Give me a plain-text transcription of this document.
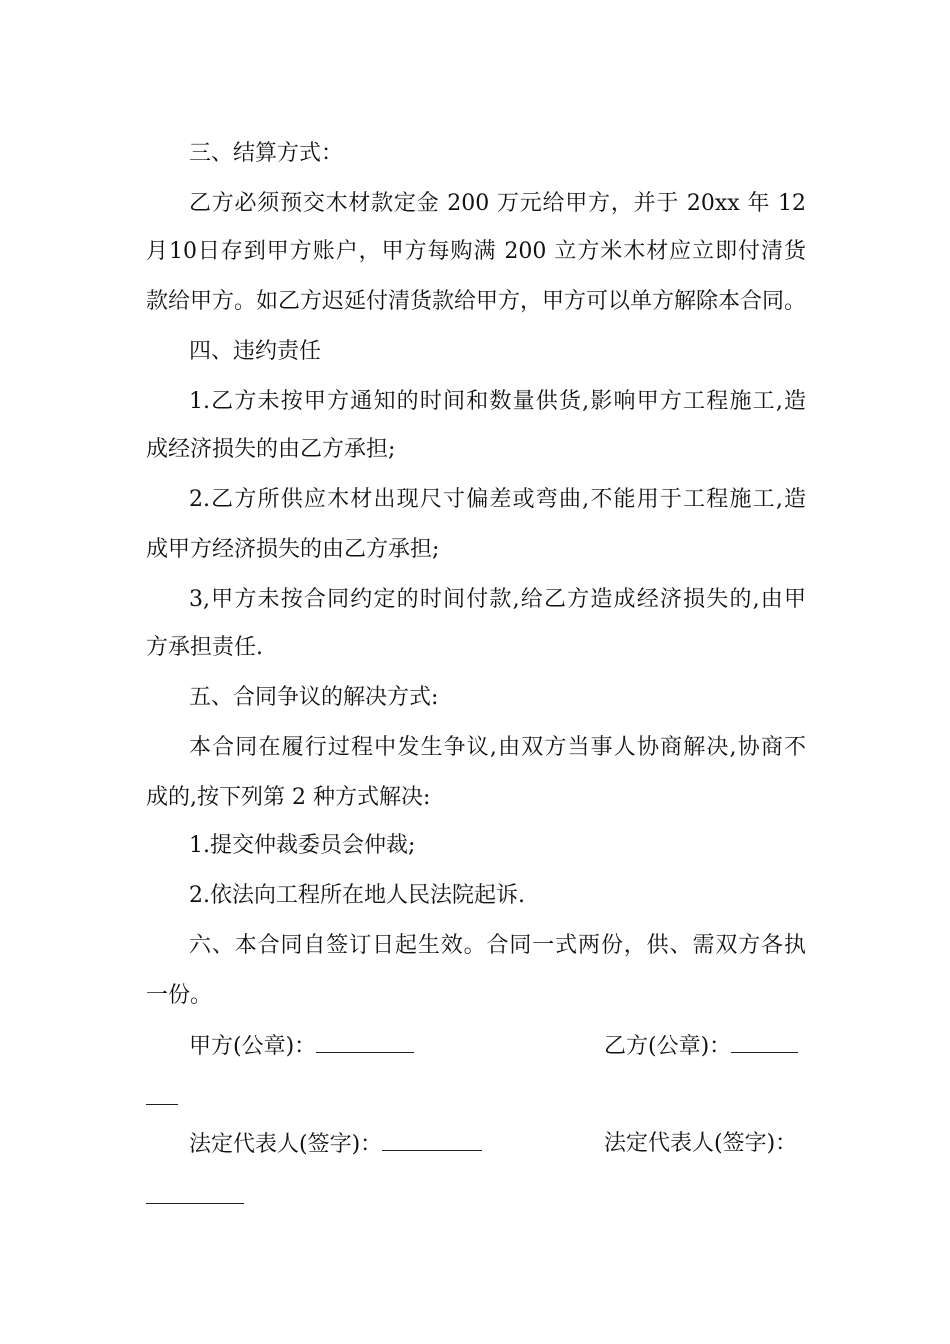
三、结算方式：
乙方必须预交木材款定金 200 万元给甲方，并于 20xx 年 12
月10日存到甲方账户，甲方每购满 200 立方米木材应立即付清货
款给甲方。如乙方迟延付清货款给甲方，甲方可以单方解除本合同。
四、违约责任
1.乙方未按甲方通知的时间和数量供货,影响甲方工程施工,造
成经济损失的由乙方承担;
2.乙方所供应木材出现尺寸偏差或弯曲,不能用于工程施工,造
成甲方经济损失的由乙方承担;
3,甲方未按合同约定的时间付款,给乙方造成经济损失的,由甲
方承担责任.
五、合同争议的解决方式:
本合同在履行过程中发生争议,由双方当事人协商解决,协商不
成的,按下列第 2 种方式解决:
1.提交仲裁委员会仲裁;
2.依法向工程所在地人民法院起诉.
六、本合同自签订日起生效。合同一式两份，供、需双方各执
一份。
甲方(公章)：	乙方(公章)：
法定代表人(签字)：	法定代表人(签字)：
